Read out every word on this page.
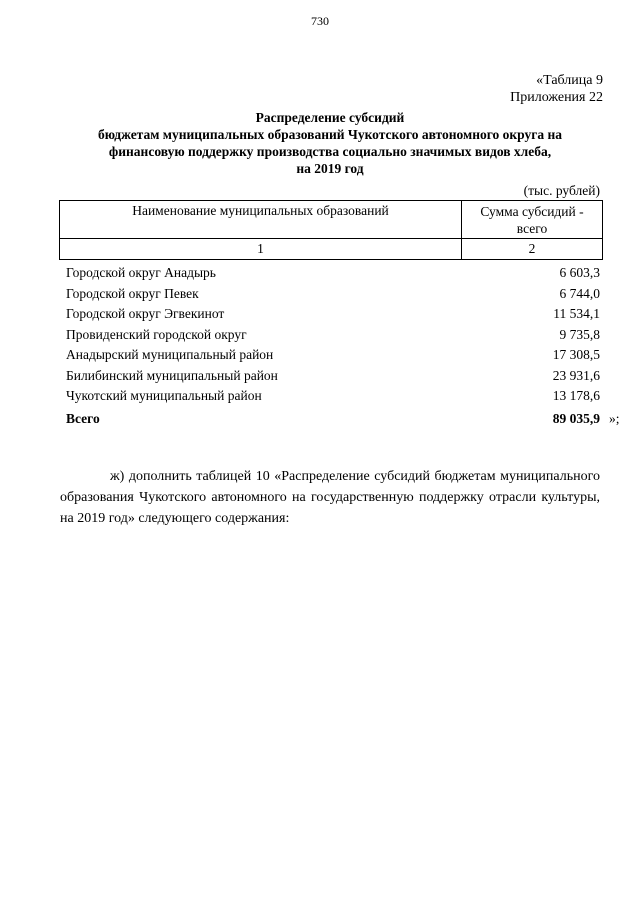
730
«Таблица 9
Приложения 22
Распределение субсидий
бюджетам муниципальных образований Чукотского автономного округа на
финансовую поддержку производства социально значимых видов хлеба,
на 2019 год
(тыс. рублей)
Наименование муниципальных образований	Сумма субсидий -
всего

1	2
Городской округ Анадырь	6 603,3
Городской округ Певек	6 744,0
Городской округ Эгвекинот	11 534,1
Провиденский городской округ	9 735,8
Анадырский муниципальный район	17 308,5
Билибинский муниципальный район	23 931,6
Чукотский муниципальный район	13 178,6
Всего	89 035,9 »;
ж) дополнить таблицей 10 «Распределение субсидий бюджетам муниципального образования Чукотского автономного на государственную поддержку отрасли культуры, на 2019 год» следующего содержания:
